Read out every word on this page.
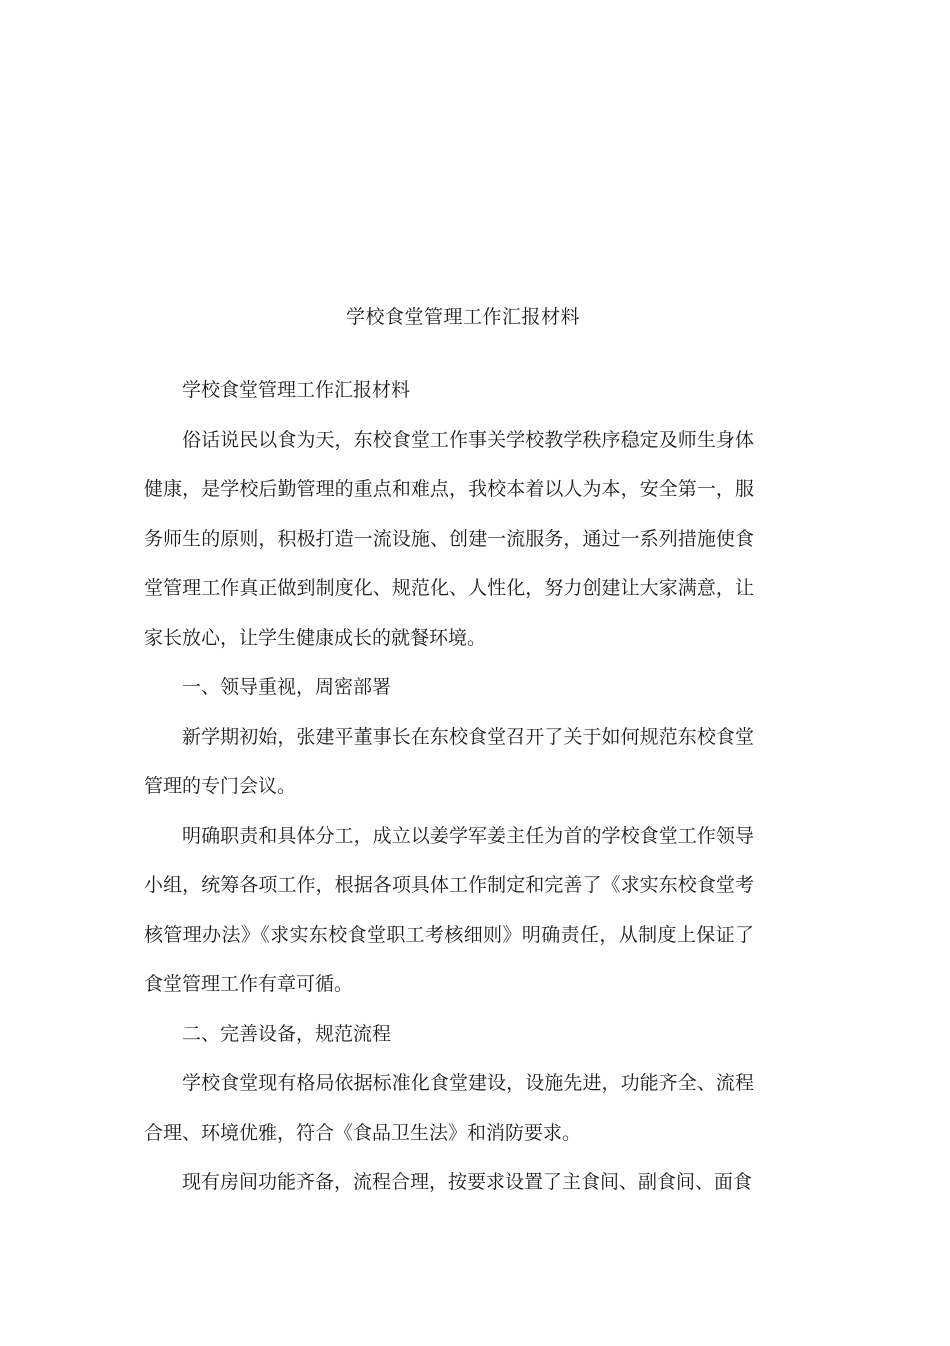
学校食堂管理工作汇报材料

学校食堂管理工作汇报材料

俗话说民以食为天，东校食堂工作事关学校教学秩序稳定及师生身体健康，是学校后勤管理的重点和难点，我校本着以人为本，安全第一，服务师生的原则，积极打造一流设施、创建一流服务，通过一系列措施使食堂管理工作真正做到制度化、规范化、人性化，努力创建让大家满意，让家长放心，让学生健康成长的就餐环境。

一、领导重视，周密部署

新学期初始，张建平董事长在东校食堂召开了关于如何规范东校食堂管理的专门会议。

明确职责和具体分工，成立以姜学军姜主任为首的学校食堂工作领导小组，统筹各项工作，根据各项具体工作制定和完善了《求实东校食堂考核管理办法》《求实东校食堂职工考核细则》明确责任，从制度上保证了食堂管理工作有章可循。

二、完善设备，规范流程

学校食堂现有格局依据标准化食堂建设，设施先进，功能齐全、流程合理、环境优雅，符合《食品卫生法》和消防要求。

现有房间功能齐备，流程合理，按要求设置了主食间、副食间、面食
